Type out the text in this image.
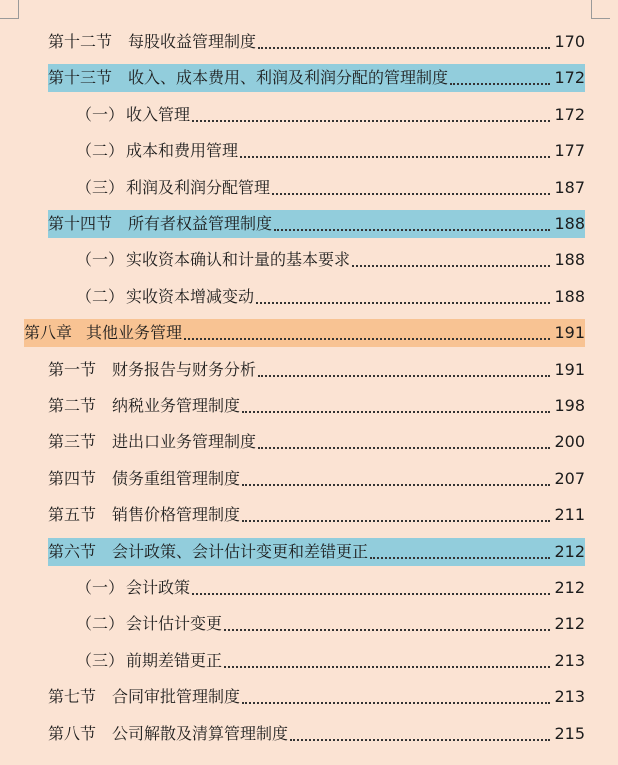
第十二节 每股收益管理制度	170
第十三节 收入、成本费用、利润及利润分配的管理制度	172
（一） 收入管理	172
（二） 成本和费用管理	177
（三） 利润及利润分配管理	187
第十四节 所有者权益管理制度	188
（一） 实收资本确认和计量的基本要求	188
（二） 实收资本增减变动	188
第八章 其他业务管理	191
第一节 财务报告与财务分析	191
第二节 纳税业务管理制度	198
第三节 进出口业务管理制度	200
第四节 债务重组管理制度	207
第五节 销售价格管理制度	211
第六节 会计政策、会计估计变更和差错更正	212
（一） 会计政策	212
（二） 会计估计变更	212
（三） 前期差错更正	213
第七节 合同审批管理制度	213
第八节 公司解散及清算管理制度	215
